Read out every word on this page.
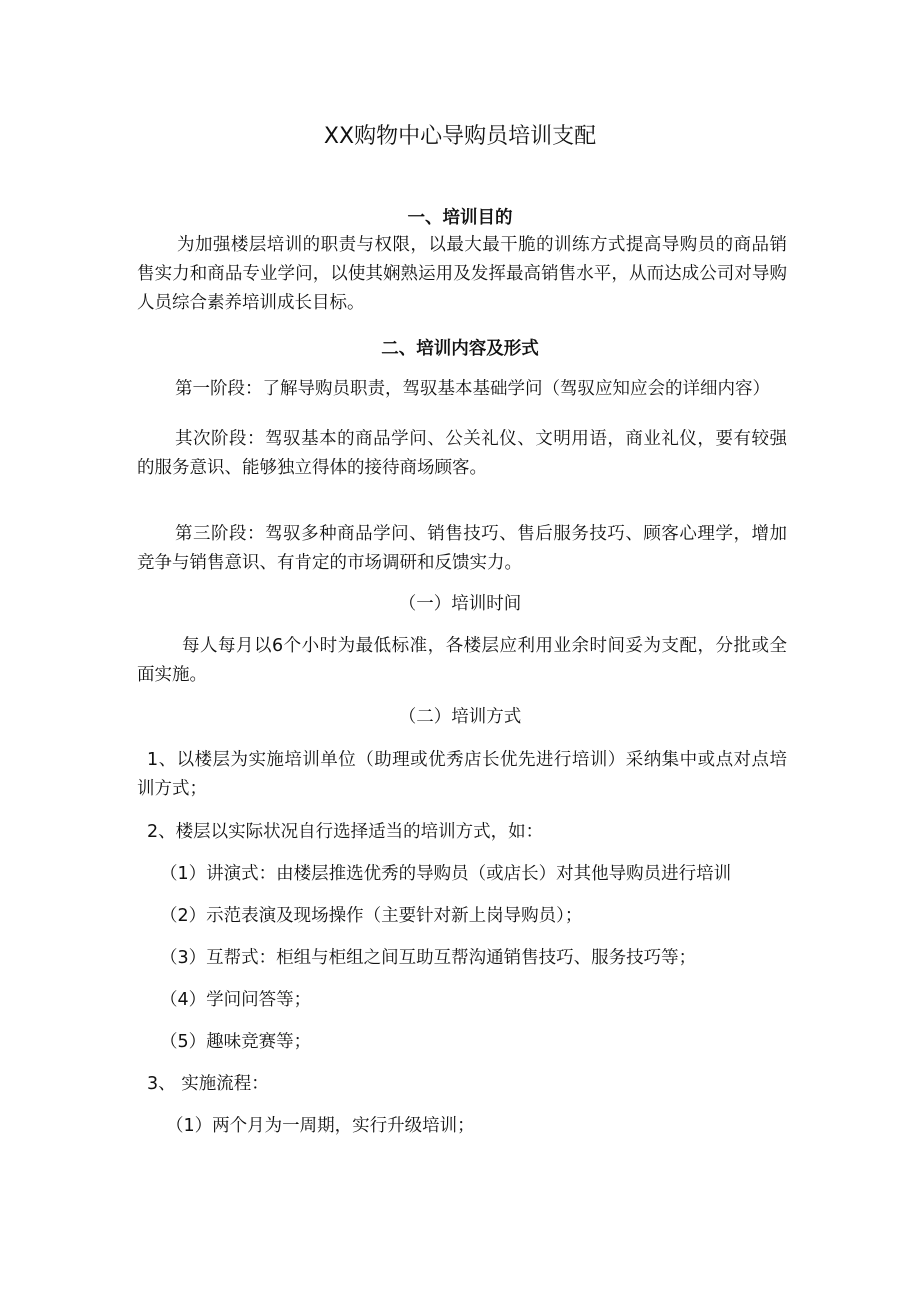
XX购物中心导购员培训支配
一、培训目的
为加强楼层培训的职责与权限，以最大最干脆的训练方式提高导购员的商品销售实力和商品专业学问，以使其娴熟运用及发挥最高销售水平，从而达成公司对导购人员综合素养培训成长目标。
二、培训内容及形式
第一阶段：了解导购员职责，驾驭基本基础学问（驾驭应知应会的详细内容）
其次阶段：驾驭基本的商品学问、公关礼仪、文明用语，商业礼仪，要有较强的服务意识、能够独立得体的接待商场顾客。
第三阶段：驾驭多种商品学问、销售技巧、售后服务技巧、顾客心理学，增加竞争与销售意识、有肯定的市场调研和反馈实力。
（一）培训时间
每人每月以6个小时为最低标准，各楼层应利用业余时间妥为支配，分批或全面实施。
（二）培训方式
1、以楼层为实施培训单位（助理或优秀店长优先进行培训）采纳集中或点对点培训方式；
2、楼层以实际状况自行选择适当的培训方式，如：
（1）讲演式：由楼层推选优秀的导购员（或店长）对其他导购员进行培训
（2）示范表演及现场操作（主要针对新上岗导购员）；
（3）互帮式：柜组与柜组之间互助互帮沟通销售技巧、服务技巧等；
（4）学问问答等；
（5）趣味竞赛等；
3、 实施流程：
（1）两个月为一周期，实行升级培训；
